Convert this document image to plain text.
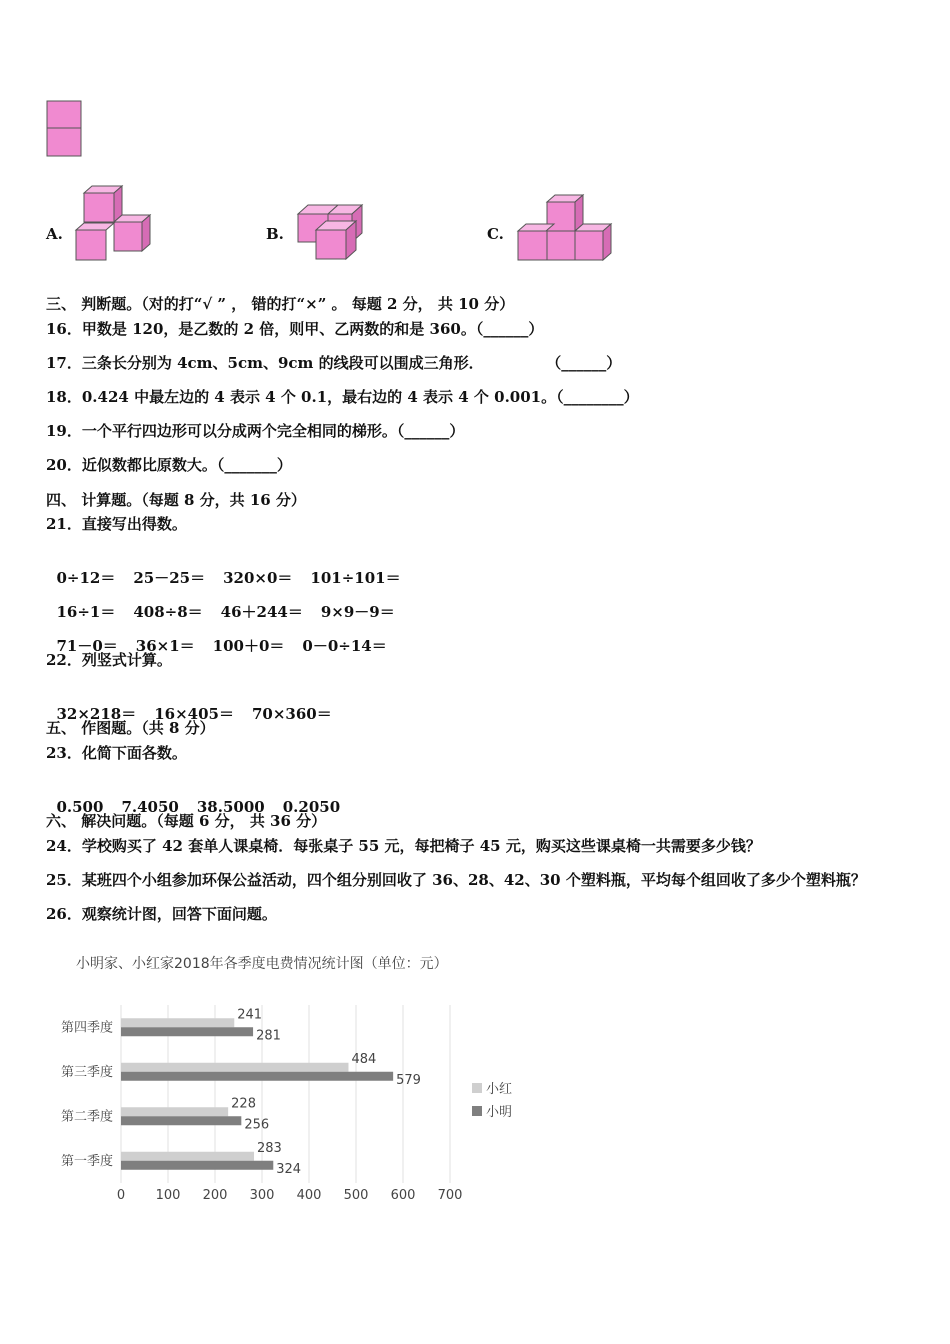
A.	B.	C.
三、 判断题。（对的打“√ ” ， 错的打“×” 。 每题 2 分， 共 10 分）
16．甲数是 120，是乙数的 2 倍，则甲、乙两数的和是 360。（______）
17．三条长分别为 4cm、5cm、9cm 的线段可以围成三角形．            （______）
18．0.424 中最左边的 4 表示 4 个 0.1，最右边的 4 表示 4 个 0.001。（________）
19．一个平行四边形可以分成两个完全相同的梯形。（______）
20．近似数都比原数大。（_______）
四、 计算题。（每题 8 分，共 16 分）
21．直接写出得数。

0÷12＝ 25－25＝ 320×0＝ 101÷101＝

16÷1＝ 408÷8＝ 46＋244＝ 9×9－9＝

71－0＝ 36×1＝ 100＋0＝ 0－0÷14＝

22．列竖式计算。

32×218＝ 16×405＝ 70×360＝

五、 作图题。（共 8 分）
23．化简下面各数。

0.500 7.4050 38.5000 0.2050

六、 解决问题。（每题 6 分， 共 36 分）
24．学校购买了 42 套单人课桌椅．每张桌子 55 元，每把椅子 45 元，购买这些课桌椅一共需要多少钱？
25．某班四个小组参加环保公益活动，四个组分别回收了 36、28、42、30 个塑料瓶，平均每个组回收了多少个塑料瓶？
26．观察统计图，回答下面问题。
小明家、小红家2018年各季度电费情况统计图（单位：元）
0 100 200 300 400 500 600 700
第一季度
283
324
第二季度
228
256
第三季度
484
579
第四季度
241
281
小红
小明
